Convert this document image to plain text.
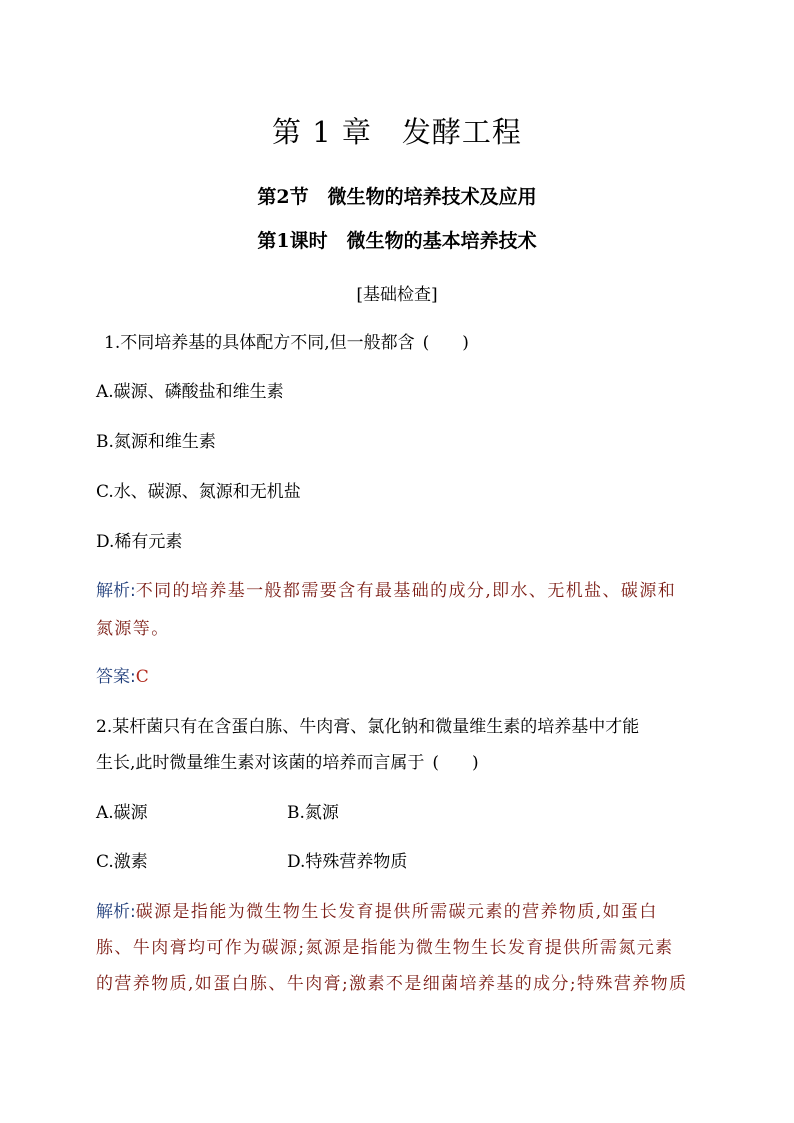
第 1 章　发酵工程
第2节　微生物的培养技术及应用
第1课时　微生物的基本培养技术
[基础检查]
1.不同培养基的具体配方不同,但一般都含 (　)
A.碳源、磷酸盐和维生素
B.氮源和维生素
C.水、碳源、氮源和无机盐
D.稀有元素
解析:不同的培养基一般都需要含有最基础的成分,即水、无机盐、碳源和
氮源等。
答案:C
2.某杆菌只有在含蛋白胨、牛肉膏、氯化钠和微量维生素的培养基中才能
生长,此时微量维生素对该菌的培养而言属于 (　)
A.碳源	B.氮源
C.激素	D.特殊营养物质
解析:碳源是指能为微生物生长发育提供所需碳元素的营养物质,如蛋白
胨、牛肉膏均可作为碳源;氮源是指能为微生物生长发育提供所需氮元素
的营养物质,如蛋白胨、牛肉膏;激素不是细菌培养基的成分;特殊营养物质
